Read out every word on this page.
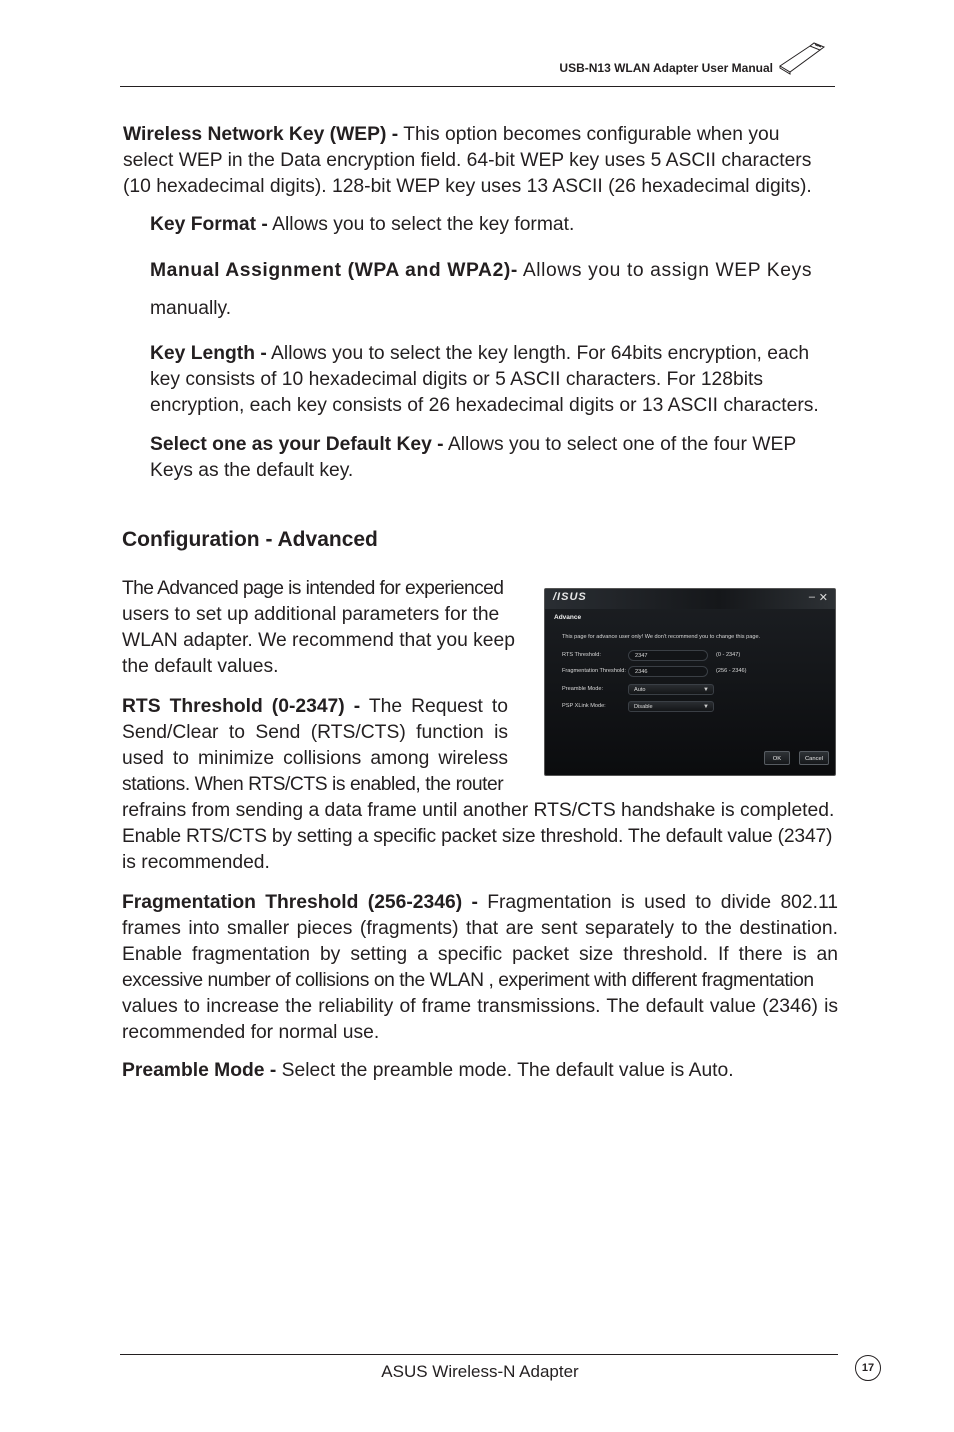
USB-N13 WLAN Adapter User Manual

Wireless Network Key (WEP) - This option becomes configurable when you
select WEP in the Data encryption field. 64-bit WEP key uses 5 ASCII characters
(10 hexadecimal digits). 128-bit WEP key uses 13 ASCII (26 hexadecimal digits).

Key Format - Allows you to select the key format.

Manual Assignment (WPA and WPA2)- Allows you to assign WEP Keys
manually.

Key Length - Allows you to select the key length. For 64bits encryption, each
key consists of 10 hexadecimal digits or 5 ASCII characters. For 128bits
encryption, each key consists of 26 hexadecimal digits or 13 ASCII characters.

Select one as your Default Key - Allows you to select one of the four WEP
Keys as the default key.

Configuration - Advanced

The Advanced page is intended for experienced
users to set up additional parameters for the
WLAN adapter. We recommend that you keep
the default values.

RTS Threshold (0-2347) - The Request to
Send/Clear to Send (RTS/CTS) function is
used to minimize collisions among wireless
stations. When RTS/CTS is enabled, the router

refrains from sending a data frame until another RTS/CTS handshake is completed.
Enable RTS/CTS by setting a specific packet size threshold. The default value (2347)
is recommended.

/ISUS	– ✕
Advance
This page for advance user only! We don't recommend you to change this page.
RTS Threshold:	2347	(0 - 2347)
Fragmentation Threshold:	2346	(256 - 2346)
Preamble Mode:	Auto	▼
PSP XLink Mode:	Disable	▼
OK	Cancel

Fragmentation Threshold (256-2346) - Fragmentation is used to divide 802.11
frames into smaller pieces (fragments) that are sent separately to the destination.
Enable fragmentation by setting a specific packet size threshold. If there is an
excessive number of collisions on the WLAN , experiment with different fragmentation
values to increase the reliability of frame transmissions. The default value (2346) is
recommended for normal use.

Preamble Mode - Select the preamble mode. The default value is Auto.

ASUS Wireless-N Adapter	17
